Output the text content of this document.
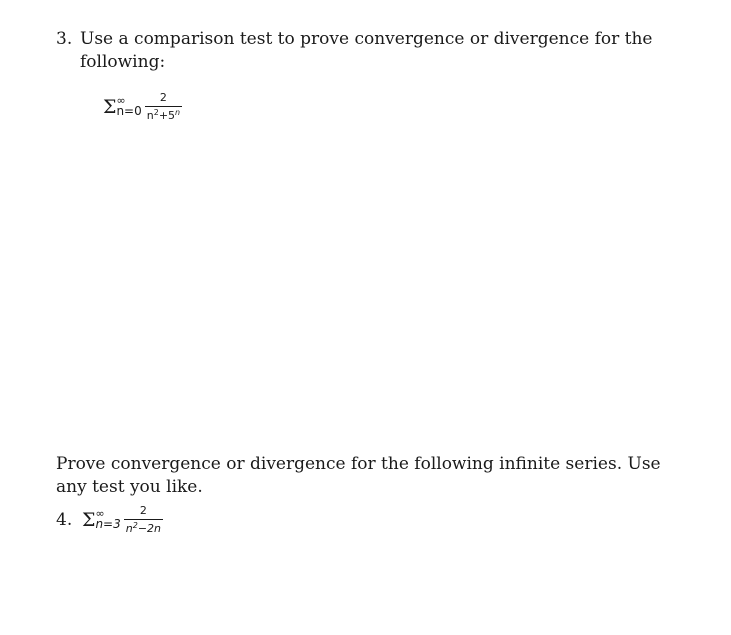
3. Use a comparison test to prove convergence or divergence for the following:
Σ ∞
$n=0 \frac{2}{n^2+5^n}$
Prove convergence or divergence for the following infinite series. Use any test you like.
4. Σ ∞
$n=3 \frac{2}{n^2-2n}$
